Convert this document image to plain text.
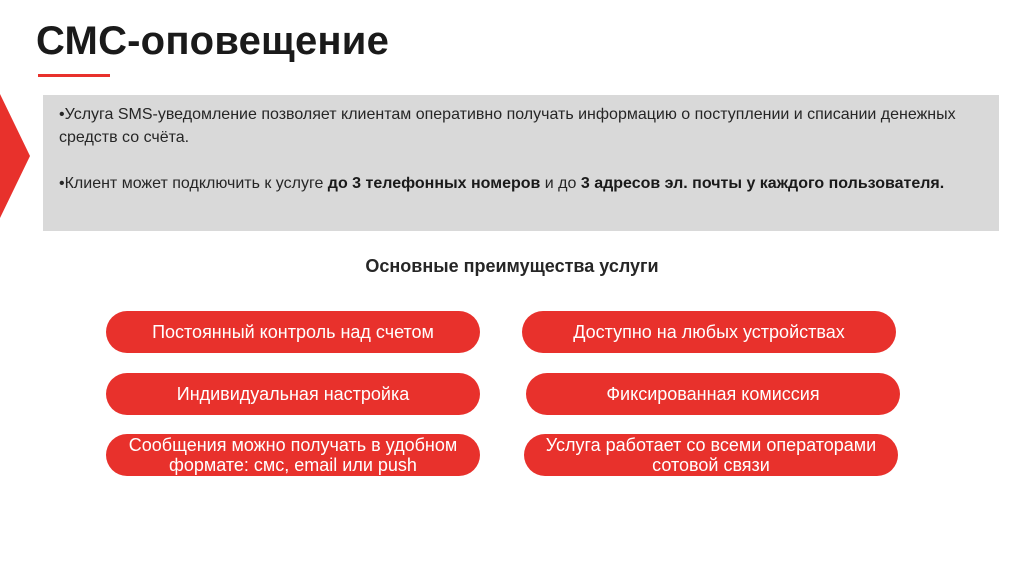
СМС-оповещение

•Услуга SMS-уведомление позволяет клиентам оперативно получать информацию о поступлении и списании денежных средств со счёта.

•Клиент может подключить к услуге до 3 телефонных номеров и до 3 адресов эл. почты у каждого пользователя.

Основные преимущества услуги
Постоянный контроль над счетом	Доступно на любых устройствах
Индивидуальная настройка	Фиксированная комиссия
Сообщения можно получать в удобном формате: смс, email или push
Услуга работает со всеми операторами сотовой связи
